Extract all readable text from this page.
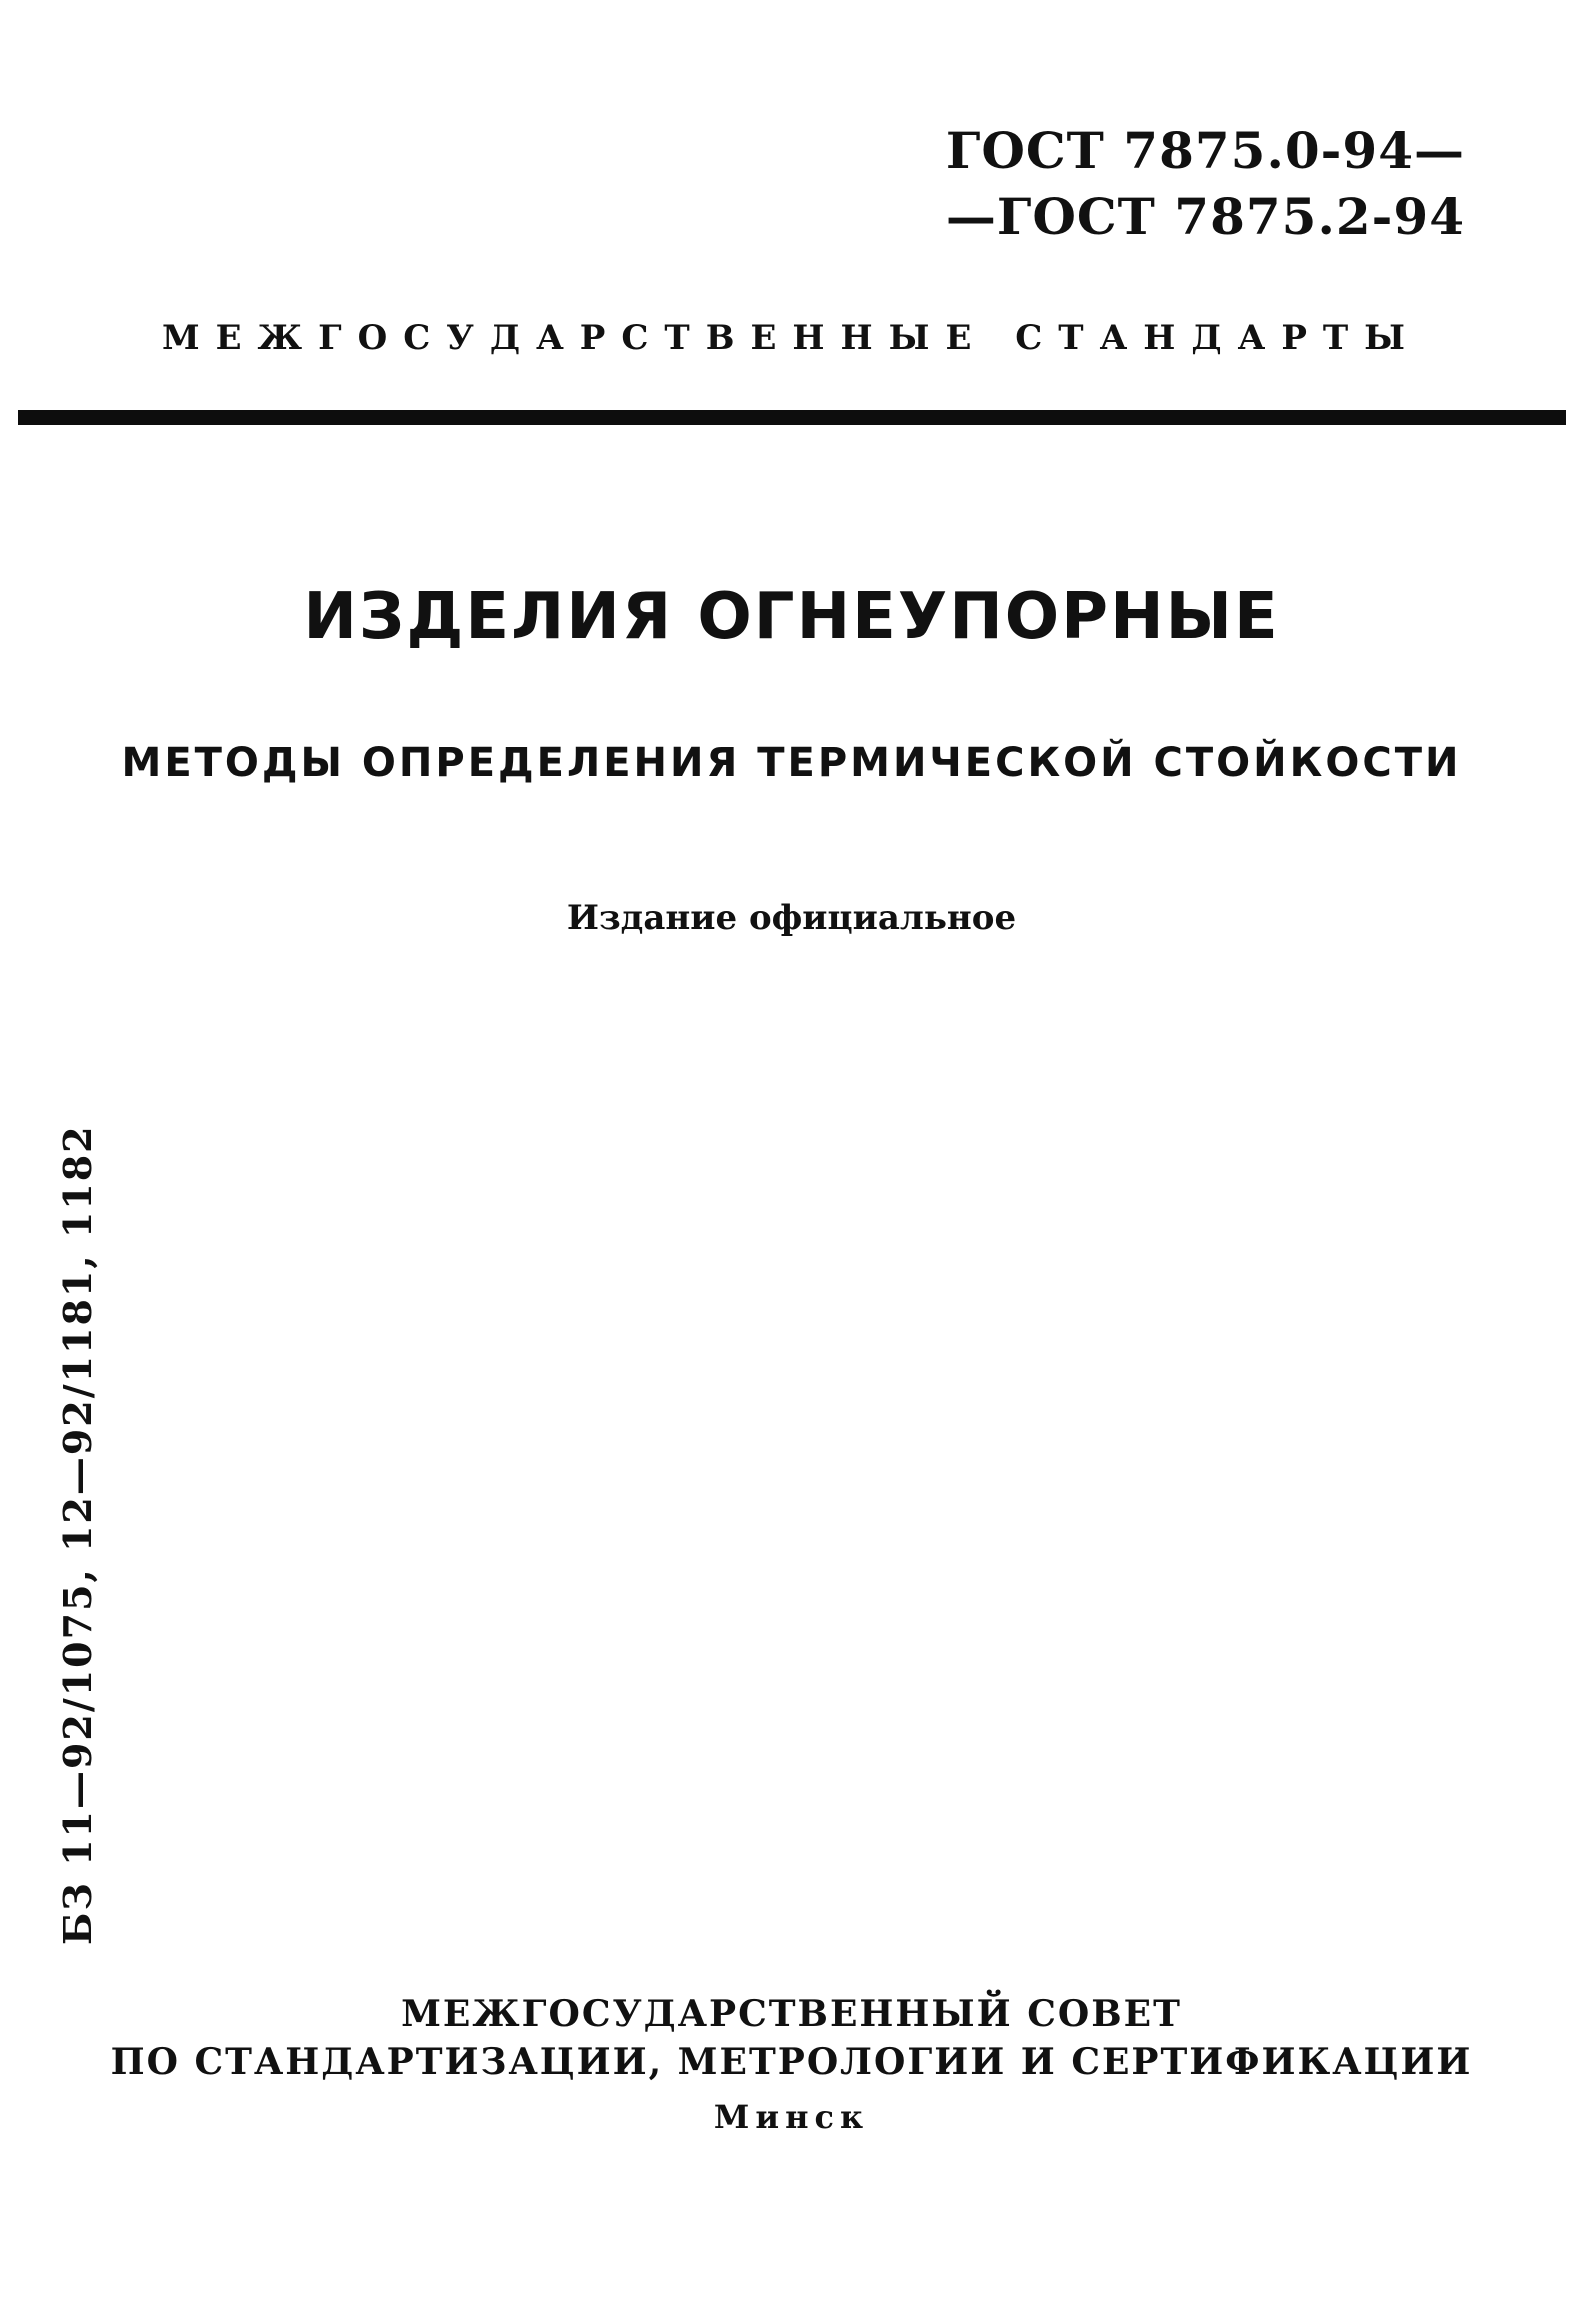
ГОСТ 7875.0-94—
—ГОСТ 7875.2-94
МЕЖГОСУДАРСТВЕННЫЕ СТАНДАРТЫ
ИЗДЕЛИЯ ОГНЕУПОРНЫЕ
МЕТОДЫ ОПРЕДЕЛЕНИЯ ТЕРМИЧЕСКОЙ СТОЙКОСТИ
Издание официальное
БЗ 11—92/1075, 12—92/1181, 1182
МЕЖГОСУДАРСТВЕННЫЙ СОВЕТ
ПО СТАНДАРТИЗАЦИИ, МЕТРОЛОГИИ И СЕРТИФИКАЦИИ
Минск
